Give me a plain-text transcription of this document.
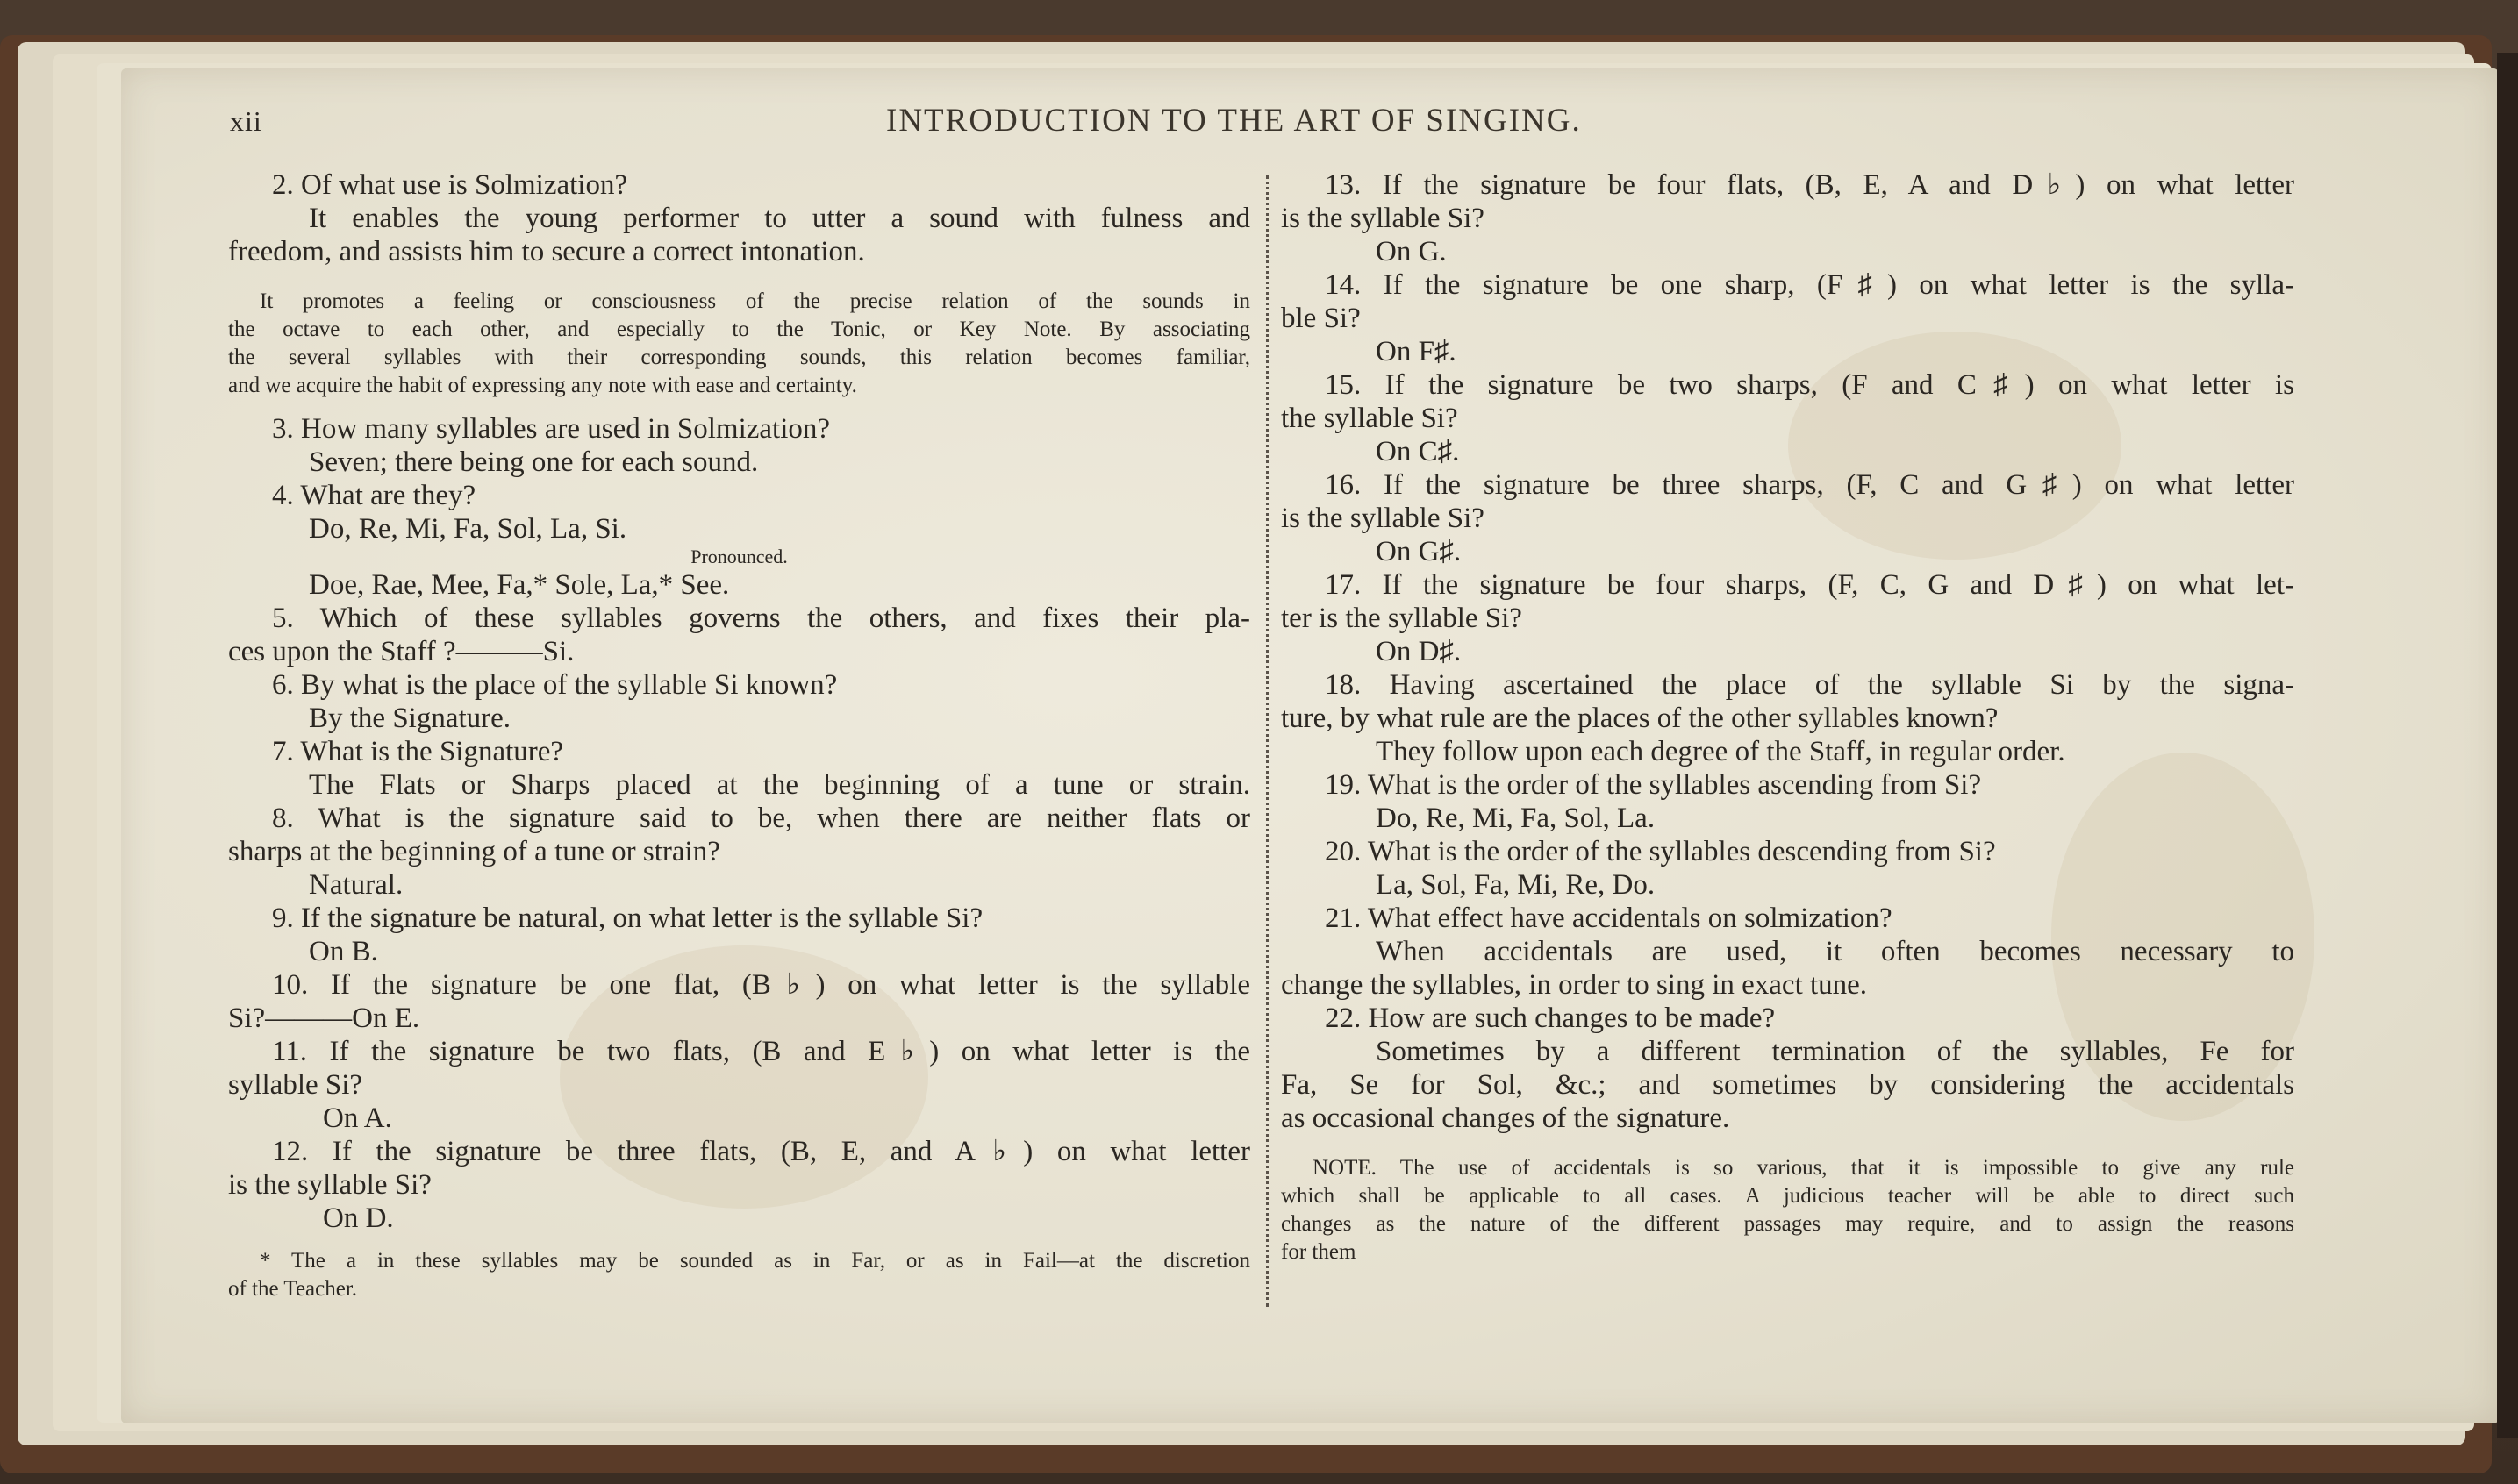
xii	INTRODUCTION TO THE ART OF SINGING.
2. Of what use is Solmization?
It enables the young performer to utter a sound with fulness and
freedom, and assists him to secure a correct intonation.
It promotes a feeling or consciousness of the precise relation of the sounds in
the octave to each other, and especially to the Tonic, or Key Note. By associating
the several syllables with their corresponding sounds, this relation becomes familiar,
and we acquire the habit of expressing any note with ease and certainty.
3. How many syllables are used in Solmization?
Seven; there being one for each sound.
4. What are they?
Do, Re, Mi, Fa, Sol, La, Si.
Pronounced.
Doe, Rae, Mee, Fa,* Sole, La,* See.
5. Which of these syllables governs the others, and fixes their pla-
ces upon the Staff ?———Si.
6. By what is the place of the syllable Si known?
By the Signature.
7. What is the Signature?
The Flats or Sharps placed at the beginning of a tune or strain.
8. What is the signature said to be, when there are neither flats or
sharps at the beginning of a tune or strain?
Natural.
9. If the signature be natural, on what letter is the syllable Si?
On B.
10. If the signature be one flat, (B♭) on what letter is the syllable
Si?———On E.
11. If the signature be two flats, (B and E♭) on what letter is the
syllable Si?
On A.
12. If the signature be three flats, (B, E, and A♭) on what letter
is the syllable Si?
On D.
* The a in these syllables may be sounded as in Far, or as in Fail—at the discretion
of the Teacher.
13. If the signature be four flats, (B, E, A and D♭) on what letter
is the syllable Si?
On G.
14. If the signature be one sharp, (F♯) on what letter is the sylla-
ble Si?
On F♯.
15. If the signature be two sharps, (F and C♯) on what letter is
the syllable Si?
On C♯.
16. If the signature be three sharps, (F, C and G♯) on what letter
is the syllable Si?
On G♯.
17. If the signature be four sharps, (F, C, G and D♯) on what let-
ter is the syllable Si?
On D♯.
18. Having ascertained the place of the syllable Si by the signa-
ture, by what rule are the places of the other syllables known?
They follow upon each degree of the Staff, in regular order.
19. What is the order of the syllables ascending from Si?
Do, Re, Mi, Fa, Sol, La.
20. What is the order of the syllables descending from Si?
La, Sol, Fa, Mi, Re, Do.
21. What effect have accidentals on solmization?
When accidentals are used, it often becomes necessary to
change the syllables, in order to sing in exact tune.
22. How are such changes to be made?
Sometimes by a different termination of the syllables, Fe for
Fa, Se for Sol, &c.; and sometimes by considering the accidentals
as occasional changes of the signature.
NOTE. The use of accidentals is so various, that it is impossible to give any rule
which shall be applicable to all cases. A judicious teacher will be able to direct such
changes as the nature of the different passages may require, and to assign the reasons
for them
